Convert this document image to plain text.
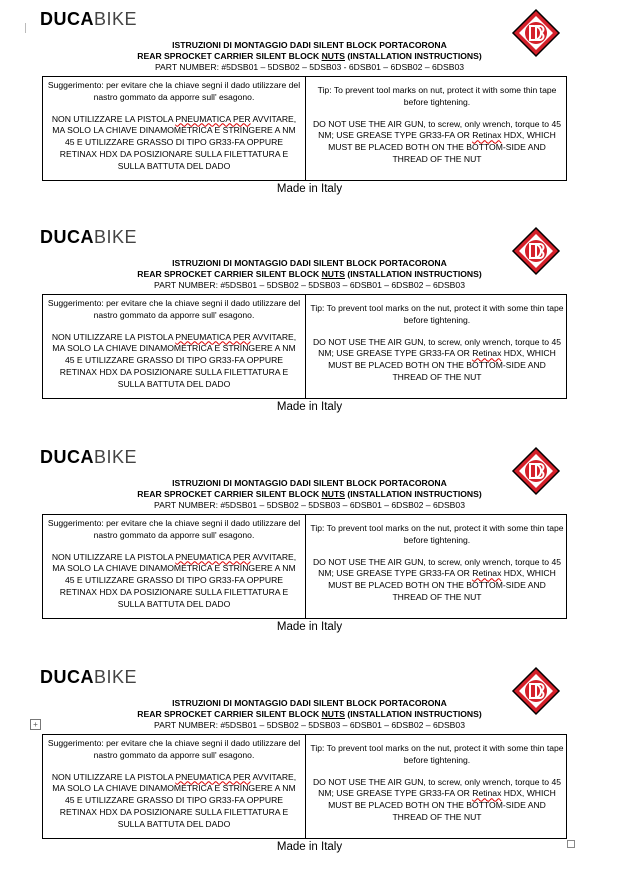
DUCABIKE
ISTRUZIONI DI MONTAGGIO DADI SILENT BLOCK PORTACORONA
REAR SPROCKET CARRIER SILENT BLOCK NUTS (INSTALLATION INSTRUCTIONS)
PART NUMBER: #5DSB01 – 5DSB02 – 5DSB03 - 6DSB01 – 6DSB02 – 6DSB03

Suggerimento: per evitare che la chiave segni il dado utilizzare del nastro gommato da apporre sull' esagono.

NON UTILIZZARE LA PISTOLA PNEUMATICA PER AVVITARE, MA SOLO LA CHIAVE DINAMOMETRICA E STRINGERE A NM 45 E UTILIZZARE GRASSO DI TIPO GR33-FA OPPURE RETINAX HDX DA POSIZIONARE SULLA FILETTATURA E SULLA BATTUTA DEL DADO

Tip: To prevent tool marks on nut, protect it with some thin tape before tightening.

DO NOT USE THE AIR GUN, to screw, only wrench, torque to 45 NM; USE GREASE TYPE GR33-FA OR Retinax HDX, WHICH MUST BE PLACED BOTH ON THE BOTTOM-SIDE AND THREAD OF THE NUT

Made in Italy
DUCABIKE
ISTRUZIONI DI MONTAGGIO DADI SILENT BLOCK PORTACORONA
REAR SPROCKET CARRIER SILENT BLOCK NUTS (INSTALLATION INSTRUCTIONS)
PART NUMBER: #5DSB01 – 5DSB02 – 5DSB03 – 6DSB01 – 6DSB02 – 6DSB03

Suggerimento: per evitare che la chiave segni il dado utilizzare del nastro gommato da apporre sull' esagono.

NON UTILIZZARE LA PISTOLA PNEUMATICA PER AVVITARE, MA SOLO LA CHIAVE DINAMOMETRICA E STRINGERE A NM 45 E UTILIZZARE GRASSO DI TIPO GR33-FA OPPURE RETINAX HDX DA POSIZIONARE SULLA FILETTATURA E SULLA BATTUTA DEL DADO

Tip: To prevent tool marks on the nut, protect it with some thin tape before tightening.

DO NOT USE THE AIR GUN, to screw, only wrench, torque to 45 NM; USE GREASE TYPE GR33-FA OR Retinax HDX, WHICH MUST BE PLACED BOTH ON THE BOTTOM-SIDE AND THREAD OF THE NUT

Made in Italy
DUCABIKE
ISTRUZIONI DI MONTAGGIO DADI SILENT BLOCK PORTACORONA
REAR SPROCKET CARRIER SILENT BLOCK NUTS (INSTALLATION INSTRUCTIONS)
PART NUMBER: #5DSB01 – 5DSB02 – 5DSB03 – 6DSB01 – 6DSB02 – 6DSB03

Suggerimento: per evitare che la chiave segni il dado utilizzare del nastro gommato da apporre sull' esagono.

NON UTILIZZARE LA PISTOLA PNEUMATICA PER AVVITARE, MA SOLO LA CHIAVE DINAMOMETRICA E STRINGERE A NM 45 E UTILIZZARE GRASSO DI TIPO GR33-FA OPPURE RETINAX HDX DA POSIZIONARE SULLA FILETTATURA E SULLA BATTUTA DEL DADO

Tip: To prevent tool marks on the nut, protect it with some thin tape before tightening.

DO NOT USE THE AIR GUN, to screw, only wrench, torque to 45 NM; USE GREASE TYPE GR33-FA OR Retinax HDX, WHICH MUST BE PLACED BOTH ON THE BOTTOM-SIDE AND THREAD OF THE NUT

Made in Italy
DUCABIKE
ISTRUZIONI DI MONTAGGIO DADI SILENT BLOCK PORTACORONA
REAR SPROCKET CARRIER SILENT BLOCK NUTS (INSTALLATION INSTRUCTIONS)
PART NUMBER: #5DSB01 – 5DSB02 – 5DSB03 – 6DSB01 – 6DSB02 – 6DSB03

Suggerimento: per evitare che la chiave segni il dado utilizzare del nastro gommato da apporre sull' esagono.

NON UTILIZZARE LA PISTOLA PNEUMATICA PER AVVITARE, MA SOLO LA CHIAVE DINAMOMETRICA E STRINGERE A NM 45 E UTILIZZARE GRASSO DI TIPO GR33-FA OPPURE RETINAX HDX DA POSIZIONARE SULLA FILETTATURA E SULLA BATTUTA DEL DADO

Tip: To prevent tool marks on the nut, protect it with some thin tape before tightening.

DO NOT USE THE AIR GUN, to screw, only wrench, torque to 45 NM; USE GREASE TYPE GR33-FA OR Retinax HDX, WHICH MUST BE PLACED BOTH ON THE BOTTOM-SIDE AND THREAD OF THE NUT

Made in Italy
+
